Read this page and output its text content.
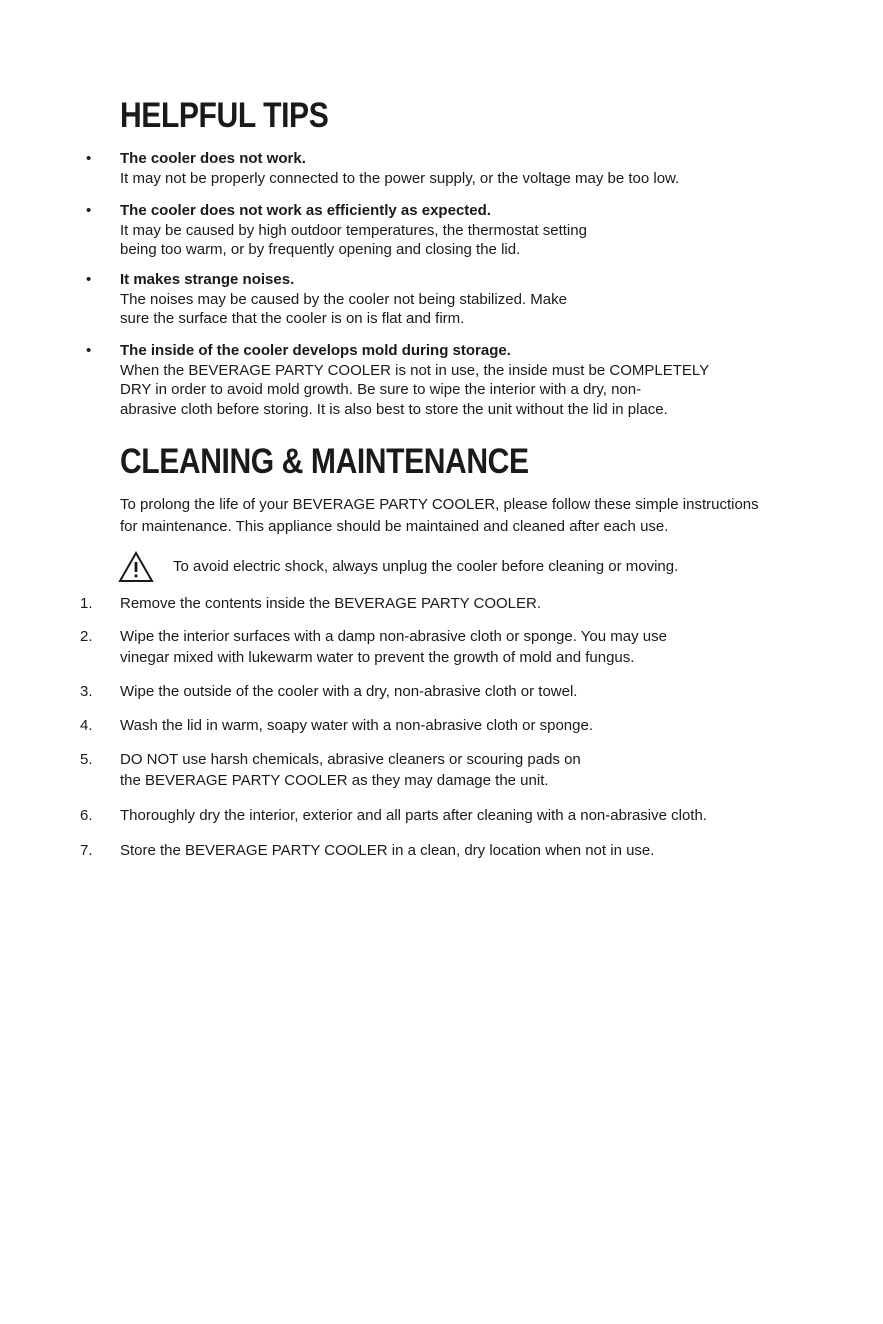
HELPFUL TIPS
• The cooler does not work.
It may not be properly connected to the power supply, or the voltage may be too low.
• The cooler does not work as efficiently as expected.
It may be caused by high outdoor temperatures, the thermostat setting
being too warm, or by frequently opening and closing the lid.
• It makes strange noises.
The noises may be caused by the cooler not being stabilized. Make
sure the surface that the cooler is on is flat and firm.
• The inside of the cooler develops mold during storage.
When the BEVERAGE PARTY COOLER is not in use, the inside must be COMPLETELY
DRY in order to avoid mold growth. Be sure to wipe the interior with a dry, non-
abrasive cloth before storing. It is also best to store the unit without the lid in place.
CLEANING & MAINTENANCE
To prolong the life of your BEVERAGE PARTY COOLER, please follow these simple instructions
for maintenance. This appliance should be maintained and cleaned after each use.
To avoid electric shock, always unplug the cooler before cleaning or moving.
1. Remove the contents inside the BEVERAGE PARTY COOLER.
2. Wipe the interior surfaces with a damp non-abrasive cloth or sponge. You may use
vinegar mixed with lukewarm water to prevent the growth of mold and fungus.
3. Wipe the outside of the cooler with a dry, non-abrasive cloth or towel.
4. Wash the lid in warm, soapy water with a non-abrasive cloth or sponge.
5. DO NOT use harsh chemicals, abrasive cleaners or scouring pads on
the BEVERAGE PARTY COOLER as they may damage the unit.
6. Thoroughly dry the interior, exterior and all parts after cleaning with a non-abrasive cloth.
7. Store the BEVERAGE PARTY COOLER in a clean, dry location when not in use.
